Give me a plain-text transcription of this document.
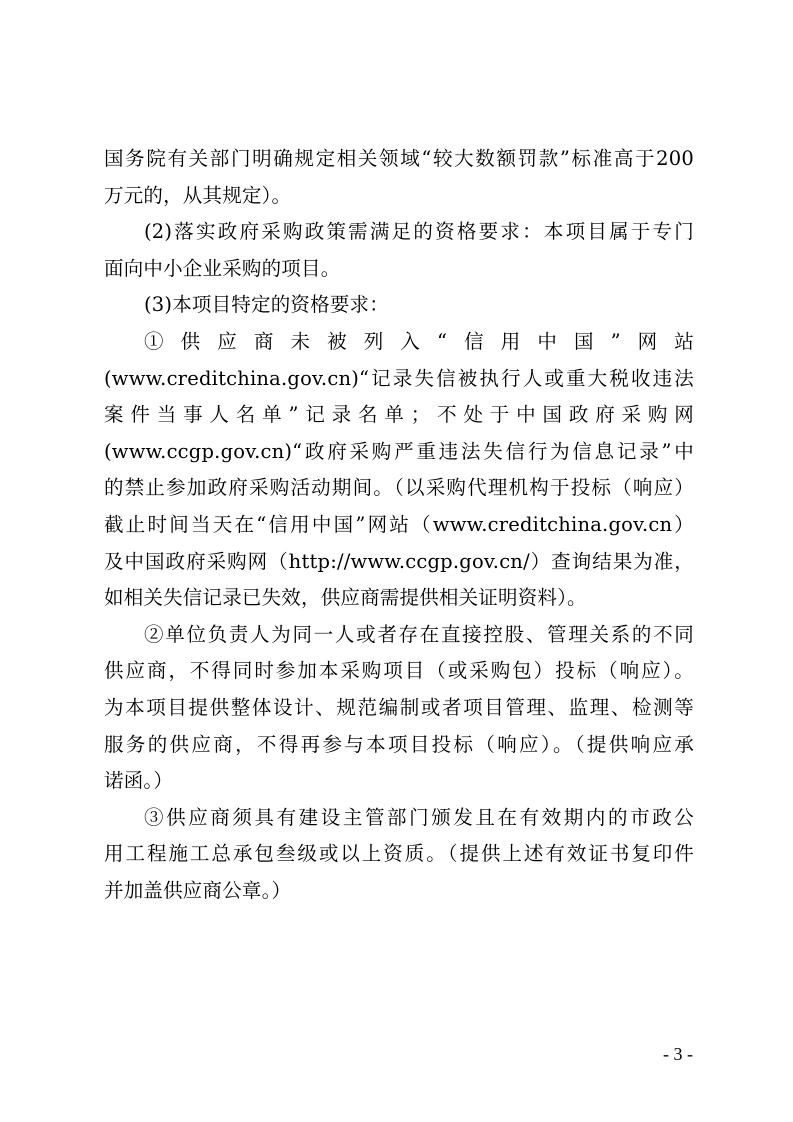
国务院有关部门明确规定相关领域“较大数额罚款”标准高于200
万元的，从其规定）。
(2)落实政府采购政策需满足的资格要求：本项目属于专门
面向中小企业采购的项目。
(3)本项目特定的资格要求：
①供应商未被列入“信用中国”网站
(www.creditchina.gov.cn)“记录失信被执行人或重大税收违法
案件当事人名单”记录名单；不处于中国政府采购网
(www.ccgp.gov.cn)“政府采购严重违法失信行为信息记录”中
的禁止参加政府采购活动期间。（以采购代理机构于投标（响应）
截止时间当天在“信用中国”网站（www.creditchina.gov.cn）
及中国政府采购网（http://www.ccgp.gov.cn/）查询结果为准，
如相关失信记录已失效，供应商需提供相关证明资料）。
②单位负责人为同一人或者存在直接控股、管理关系的不同
供应商，不得同时参加本采购项目（或采购包）投标（响应）。
为本项目提供整体设计、规范编制或者项目管理、监理、检测等
服务的供应商，不得再参与本项目投标（响应）。（提供响应承
诺函。）
③供应商须具有建设主管部门颁发且在有效期内的市政公
用工程施工总承包叁级或以上资质。（提供上述有效证书复印件
并加盖供应商公章。）
- 3 -
